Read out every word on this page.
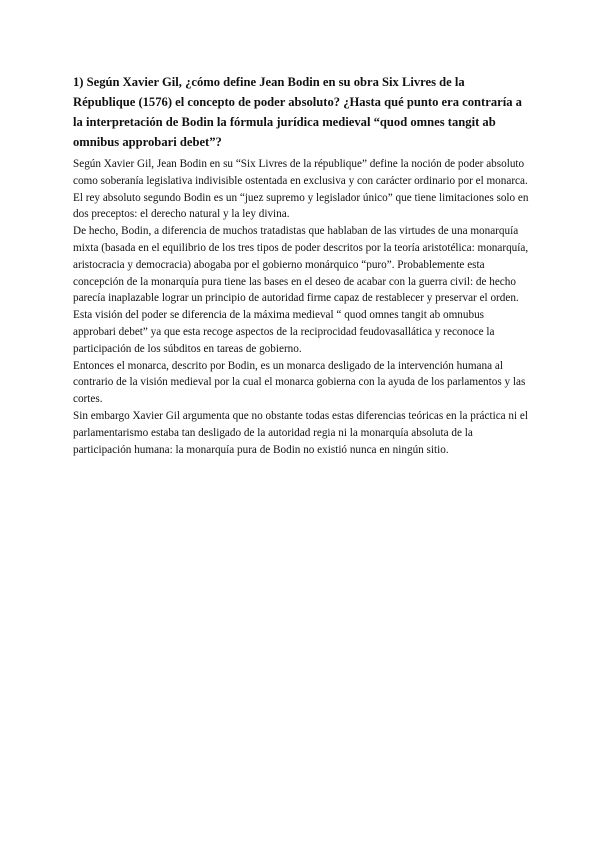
1) Según Xavier Gil, ¿cómo define Jean Bodin en su obra Six Livres de la République (1576) el concepto de poder absoluto? ¿Hasta qué punto era contraría a la interpretación de Bodin la fórmula jurídica medieval “quod omnes tangit ab omnibus approbari debet”?

Según Xavier Gil, Jean Bodin en su “Six Livres de la république” define la noción de poder absoluto como soberanía legislativa indivisible ostentada en exclusiva y con carácter ordinario por el monarca.

El rey absoluto segundo Bodin es un “juez supremo y legislador único” que tiene limitaciones solo en dos preceptos: el derecho natural y la ley divina.

De hecho, Bodin, a diferencia de muchos tratadistas que hablaban de las virtudes de una monarquía mixta (basada en el equilibrio de los tres tipos de poder descritos por la teoría aristotélica: monarquía, aristocracia y democracia) abogaba por el gobierno monárquico “puro”. Probablemente esta concepción de la monarquía pura tiene las bases en el deseo de acabar con la guerra civil: de hecho parecía inaplazable lograr un principio de autoridad firme capaz de restablecer y preservar el orden.

Esta visión del poder se diferencia de la máxima medieval “ quod omnes tangit ab omnubus approbari debet” ya que esta recoge aspectos de la reciprocidad feudovasallática y reconoce la participación de los súbditos en tareas de gobierno.

Entonces el monarca, descrito por Bodin, es un monarca desligado de la intervención humana al contrario de la visión medieval por la cual el monarca gobierna con la ayuda de los parlamentos y las cortes.

Sin embargo Xavier Gil argumenta que no obstante todas estas diferencias teóricas en la práctica ni el parlamentarismo estaba tan desligado de la autoridad regia ni la monarquía absoluta de la participación humana: la monarquía pura de Bodin no existió nunca en ningún sitio.
